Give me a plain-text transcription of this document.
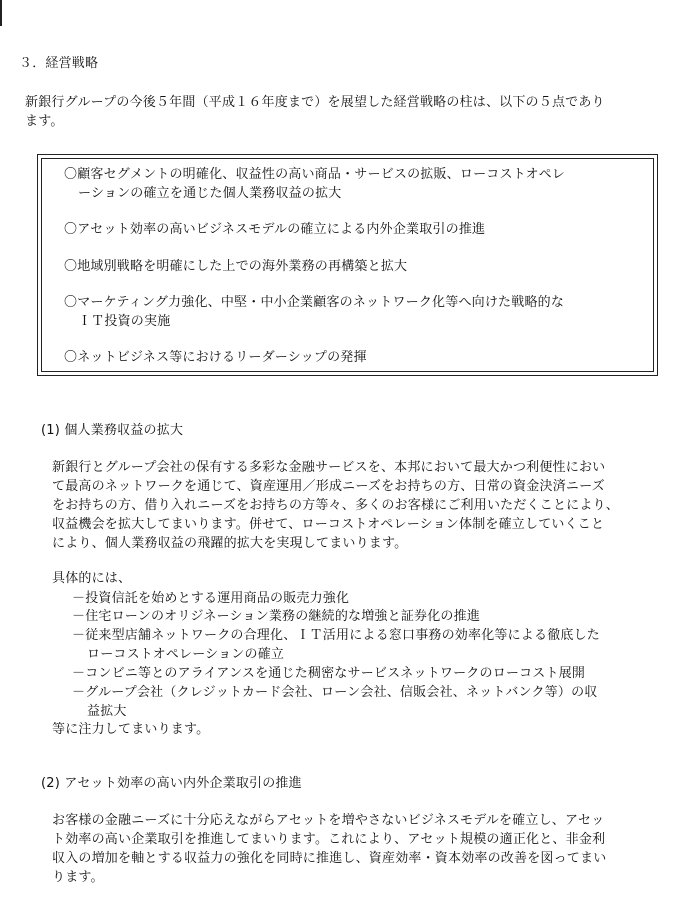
３．経営戦略
新銀行グループの今後５年間（平成１６年度まで）を展望した経営戦略の柱は、以下の５点であり
ます。
〇顧客セグメントの明確化、収益性の高い商品・サービスの拡販、ローコストオペレ
ーションの確立を通じた個人業務収益の拡大
〇アセット効率の高いビジネスモデルの確立による内外企業取引の推進
〇地域別戦略を明確にした上での海外業務の再構築と拡大
〇マーケティング力強化、中堅・中小企業顧客のネットワーク化等へ向けた戦略的な
ＩＴ投資の実施
〇ネットビジネス等におけるリーダーシップの発揮
(1) 個人業務収益の拡大
新銀行とグループ会社の保有する多彩な金融サービスを、本邦において最大かつ利便性におい
て最高のネットワークを通じて、資産運用／形成ニーズをお持ちの方、日常の資金決済ニーズ
をお持ちの方、借り入れニーズをお持ちの方等々、多くのお客様にご利用いただくことにより、
収益機会を拡大してまいります。併せて、ローコストオペレーション体制を確立していくこと
により、個人業務収益の飛躍的拡大を実現してまいります。
具体的には、
－投資信託を始めとする運用商品の販売力強化
－住宅ローンのオリジネーション業務の継続的な増強と証券化の推進
－従来型店舗ネットワークの合理化、ＩＴ活用による窓口事務の効率化等による徹底した
ローコストオペレーションの確立
－コンビニ等とのアライアンスを通じた稠密なサービスネットワークのローコスト展開
－グループ会社（クレジットカード会社、ローン会社、信販会社、ネットバンク等）の収
益拡大
等に注力してまいります。
(2) アセット効率の高い内外企業取引の推進
お客様の金融ニーズに十分応えながらアセットを増やさないビジネスモデルを確立し、アセッ
ト効率の高い企業取引を推進してまいります。これにより、アセット規模の適正化と、非金利
収入の増加を軸とする収益力の強化を同時に推進し、資産効率・資本効率の改善を図ってまい
ります。
